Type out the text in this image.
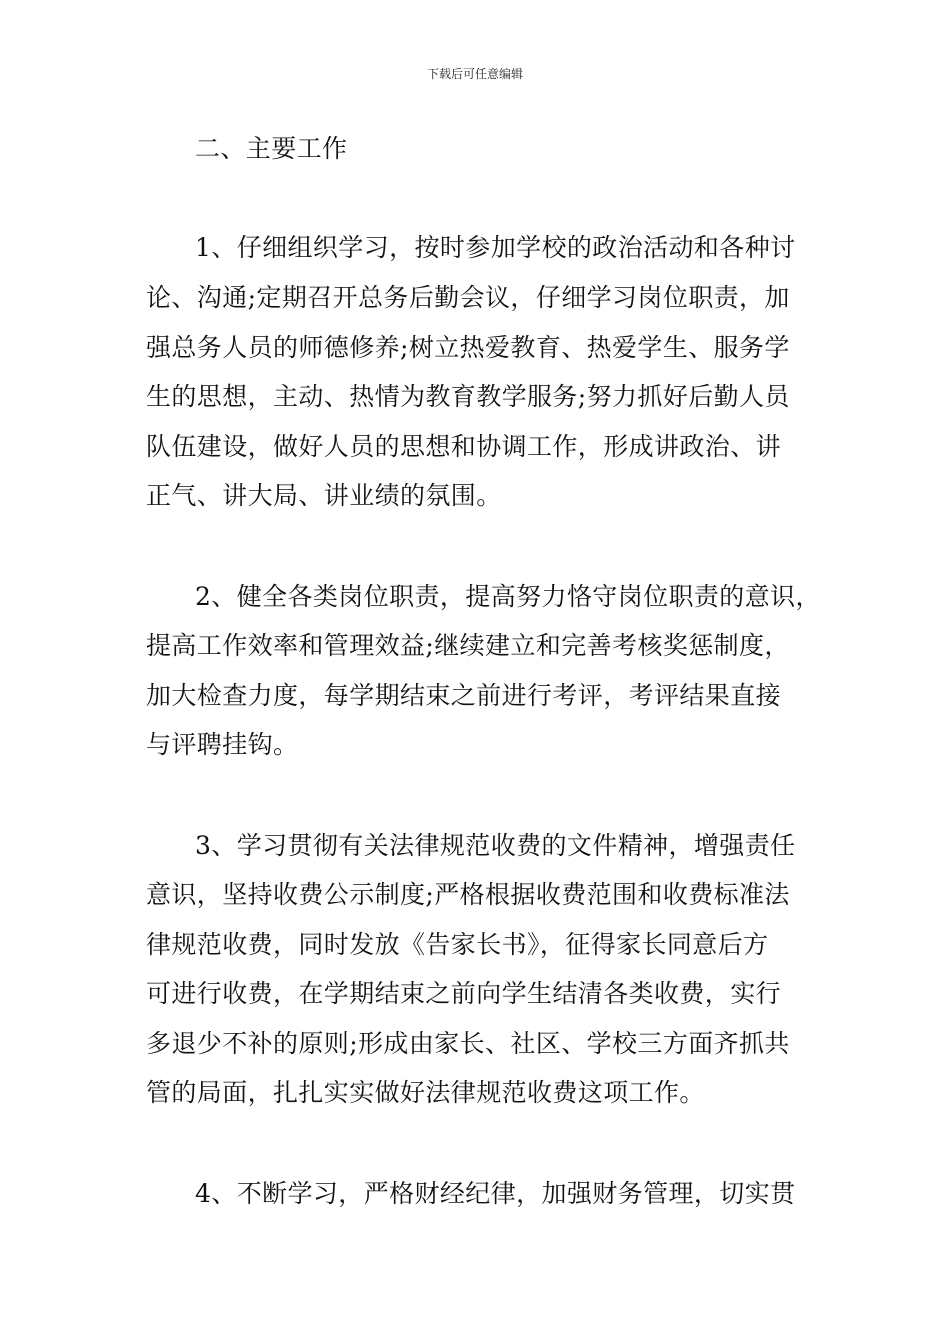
下载后可任意编辑
二、主要工作
1、仔细组织学习，按时参加学校的政治活动和各种讨
论、沟通;定期召开总务后勤会议，仔细学习岗位职责，加
强总务人员的师德修养;树立热爱教育、热爱学生、服务学
生的思想，主动、热情为教育教学服务;努力抓好后勤人员
队伍建设，做好人员的思想和协调工作，形成讲政治、讲
正气、讲大局、讲业绩的氛围。
2、健全各类岗位职责，提高努力恪守岗位职责的意识，
提高工作效率和管理效益;继续建立和完善考核奖惩制度，
加大检查力度，每学期结束之前进行考评，考评结果直接
与评聘挂钩。
3、学习贯彻有关法律规范收费的文件精神，增强责任
意识，坚持收费公示制度;严格根据收费范围和收费标准法
律规范收费，同时发放《告家长书》，征得家长同意后方
可进行收费，在学期结束之前向学生结清各类收费，实行
多退少不补的原则;形成由家长、社区、学校三方面齐抓共
管的局面，扎扎实实做好法律规范收费这项工作。
4、不断学习，严格财经纪律，加强财务管理，切实贯
